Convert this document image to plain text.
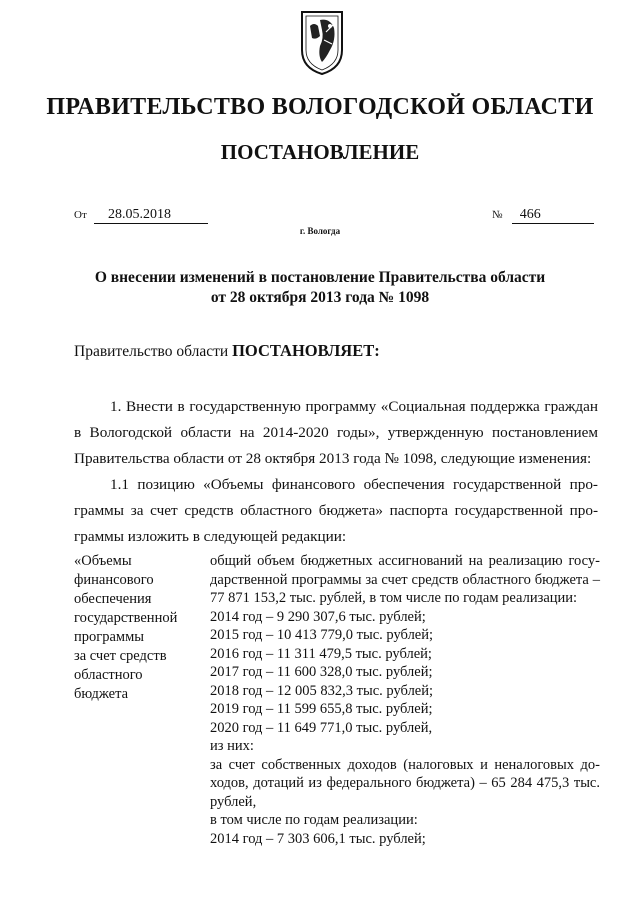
ПРАВИТЕЛЬСТВО ВОЛОГОДСКОЙ ОБЛАСТИ
ПОСТАНОВЛЕНИЕ
От 28.05.2018	№ 466
г. Вологда
О внесении изменений в постановление Правительства области
от 28 октября 2013 года № 1098
Правительство области ПОСТАНОВЛЯЕТ:
1. Внести в государственную программу «Социальная поддержка граждан в Вологодской области на 2014-2020 годы», утвержденную постановлением Правительства области от 28 октября 2013 года № 1098, следующие изменения:
1.1 позицию «Объемы финансового обеспечения государственной про-граммы за счет средств областного бюджета» паспорта государственной про-граммы изложить в следующей редакции:
«Объемы
финансового
обеспечения
государственной
программы
за счет средств
областного
бюджета
общий объем бюджетных ассигнований на реализацию госу-дарственной программы за счет средств областного бюджета – 77 871 153,2 тыс. рублей, в том числе по годам реализации:
2014 год – 9 290 307,6 тыс. рублей;
2015 год – 10 413 779,0 тыс. рублей;
2016 год – 11 311 479,5 тыс. рублей;
2017 год – 11 600 328,0 тыс. рублей;
2018 год – 12 005 832,3 тыс. рублей;
2019 год – 11 599 655,8 тыс. рублей;
2020 год – 11 649 771,0 тыс. рублей,
из них:
за счет собственных доходов (налоговых и неналоговых до-ходов, дотаций из федерального бюджета) – 65 284 475,3 тыс. рублей,
в том числе по годам реализации:
2014 год – 7 303 606,1 тыс. рублей;
